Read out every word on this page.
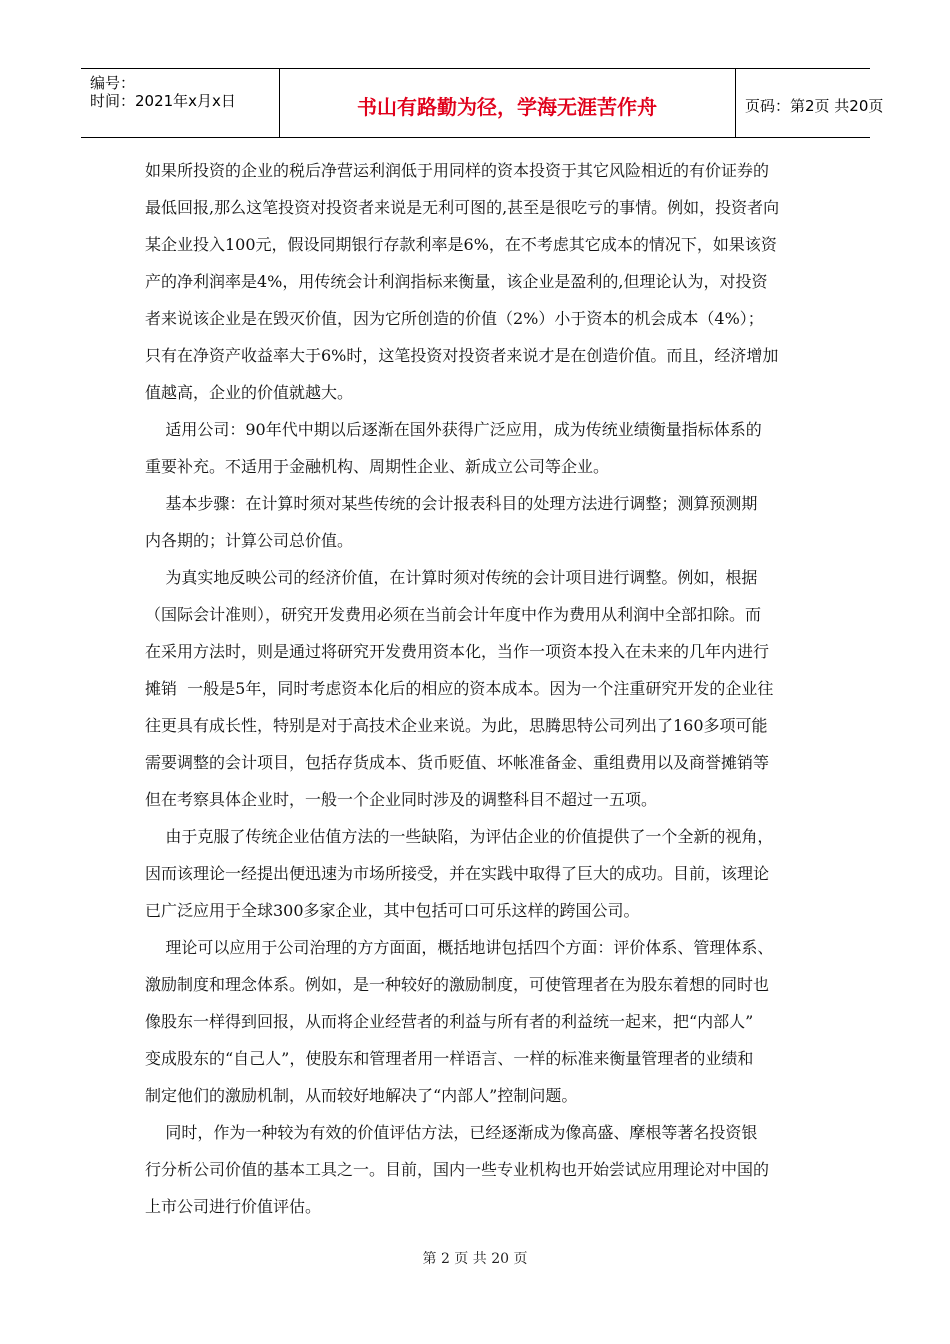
编号：
时间：2021年x月x日	书山有路勤为径，学海无涯苦作舟	页码：第2页 共20页
如果所投资的企业的税后净营运利润低于用同样的资本投资于其它风险相近的有价证券的
最低回报,那么这笔投资对投资者来说是无利可图的,甚至是很吃亏的事情。例如，投资者向
某企业投入100元，假设同期银行存款利率是6%，在不考虑其它成本的情况下，如果该资
产的净利润率是4%，用传统会计利润指标来衡量，该企业是盈利的,但理论认为，对投资
者来说该企业是在毁灭价值，因为它所创造的价值（2%）小于资本的机会成本（4%）；
只有在净资产收益率大于6%时，这笔投资对投资者来说才是在创造价值。而且，经济增加
值越高，企业的价值就越大。
适用公司：90年代中期以后逐渐在国外获得广泛应用，成为传统业绩衡量指标体系的
重要补充。不适用于金融机构、周期性企业、新成立公司等企业。
基本步骤：在计算时须对某些传统的会计报表科目的处理方法进行调整；测算预测期
内各期的；计算公司总价值。
为真实地反映公司的经济价值，在计算时须对传统的会计项目进行调整。例如，根据
（国际会计准则），研究开发费用必须在当前会计年度中作为费用从利润中全部扣除。而
在采用方法时，则是通过将研究开发费用资本化，当作一项资本投入在未来的几年内进行
摊销  一般是5年，同时考虑资本化后的相应的资本成本。因为一个注重研究开发的企业往
往更具有成长性，特别是对于高技术企业来说。为此，思腾思特公司列出了160多项可能
需要调整的会计项目，包括存货成本、货币贬值、坏帐准备金、重组费用以及商誉摊销等
但在考察具体企业时，一般一个企业同时涉及的调整科目不超过一五项。
由于克服了传统企业估值方法的一些缺陷，为评估企业的价值提供了一个全新的视角，
因而该理论一经提出便迅速为市场所接受，并在实践中取得了巨大的成功。目前，该理论
已广泛应用于全球300多家企业，其中包括可口可乐这样的跨国公司。
理论可以应用于公司治理的方方面面，概括地讲包括四个方面：评价体系、管理体系、
激励制度和理念体系。例如，是一种较好的激励制度，可使管理者在为股东着想的同时也
像股东一样得到回报，从而将企业经营者的利益与所有者的利益统一起来，把“内部人”
变成股东的“自己人”，使股东和管理者用一样语言、一样的标准来衡量管理者的业绩和
制定他们的激励机制，从而较好地解决了“内部人”控制问题。
同时，作为一种较为有效的价值评估方法，已经逐渐成为像高盛、摩根等著名投资银
行分析公司价值的基本工具之一。目前，国内一些专业机构也开始尝试应用理论对中国的
上市公司进行价值评估。
第 2 页 共 20 页
